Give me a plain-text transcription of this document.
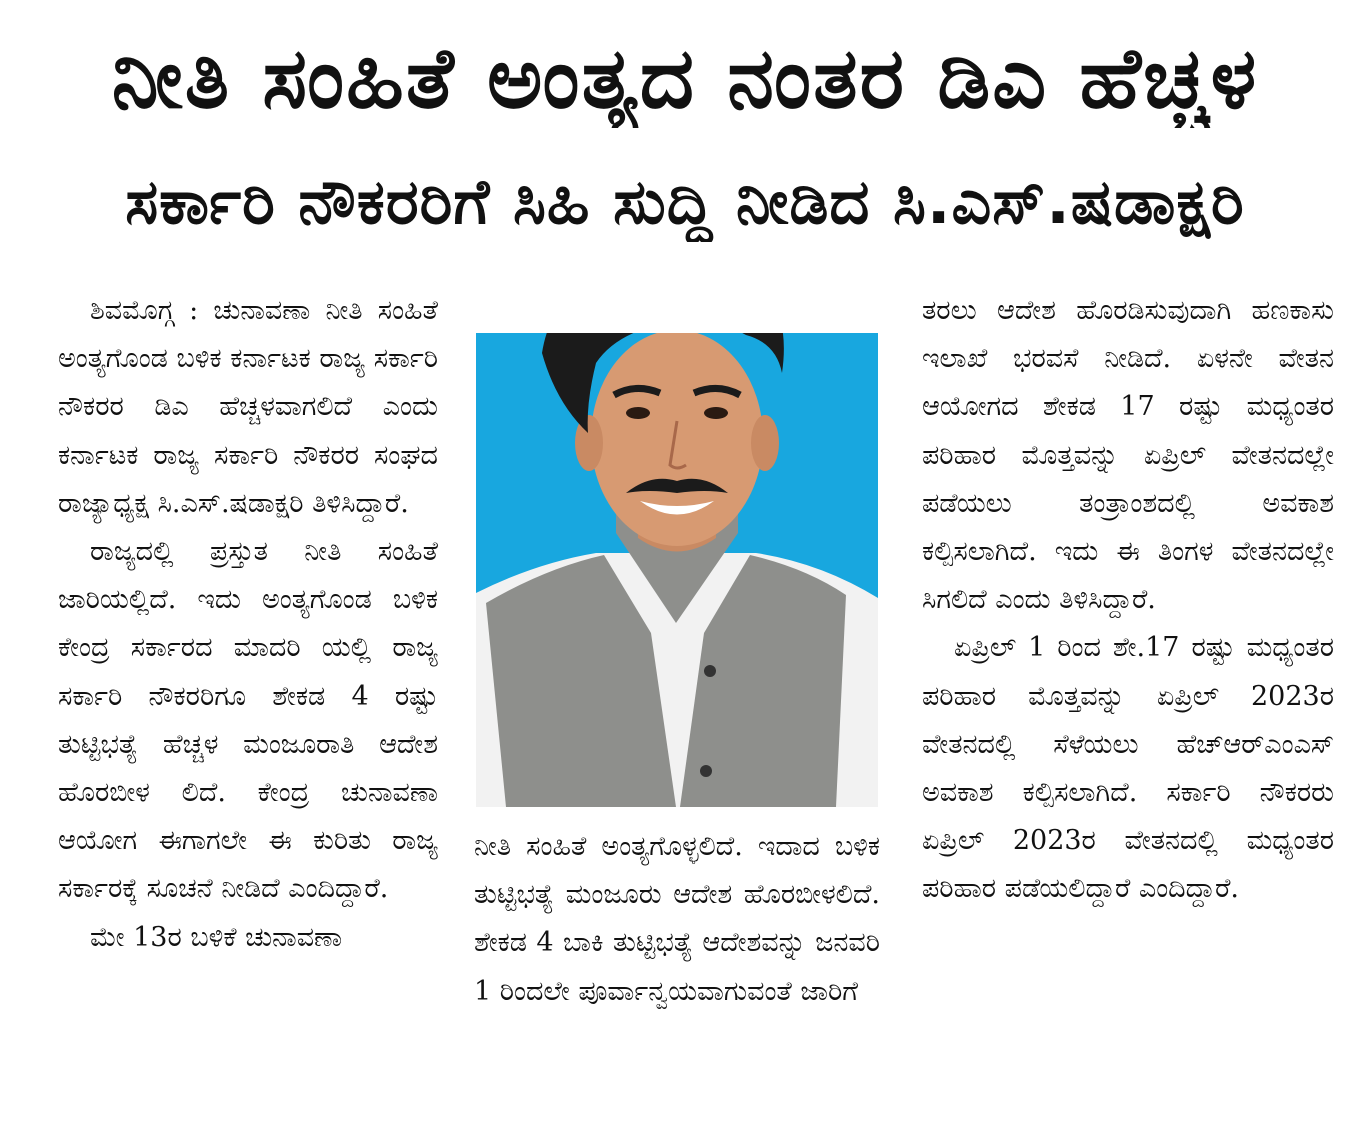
ನೀತಿ ಸಂಹಿತೆ ಅಂತ್ಯದ ನಂತರ ಡಿಎ ಹೆಚ್ಚಳ
ಸರ್ಕಾರಿ ನೌಕರರಿಗೆ ಸಿಹಿ ಸುದ್ದಿ ನೀಡಿದ ಸಿ.ಎಸ್.ಷಡಾಕ್ಷರಿ

ಶಿವಮೊಗ್ಗ : ಚುನಾವಣಾ ನೀತಿ ಸಂಹಿತೆ ಅಂತ್ಯಗೊಂಡ ಬಳಿಕ ಕರ್ನಾಟಕ ರಾಜ್ಯ ಸರ್ಕಾರಿ ನೌಕರರ ಡಿಎ ಹೆಚ್ಚಳವಾಗಲಿದೆ ಎಂದು ಕರ್ನಾಟಕ ರಾಜ್ಯ ಸರ್ಕಾರಿ ನೌಕರರ ಸಂಘದ ರಾಜ್ಯಾಧ್ಯಕ್ಷ ಸಿ.ಎಸ್.ಷಡಾಕ್ಷರಿ ತಿಳಿಸಿದ್ದಾರೆ.

ರಾಜ್ಯದಲ್ಲಿ ಪ್ರಸ್ತುತ ನೀತಿ ಸಂಹಿತೆ ಜಾರಿಯಲ್ಲಿದೆ. ಇದು ಅಂತ್ಯಗೊಂಡ ಬಳಿಕ ಕೇಂದ್ರ ಸರ್ಕಾರದ ಮಾದರಿ ಯಲ್ಲಿ ರಾಜ್ಯ ಸರ್ಕಾರಿ ನೌಕರರಿಗೂ ಶೇಕಡ 4 ರಷ್ಟು ತುಟ್ಟಿಭತ್ಯೆ ಹೆಚ್ಚಳ ಮಂಜೂರಾತಿ ಆದೇಶ ಹೊರಬೀಳ ಲಿದೆ. ಕೇಂದ್ರ ಚುನಾವಣಾ ಆಯೋಗ ಈಗಾಗಲೇ ಈ ಕುರಿತು ರಾಜ್ಯ ಸರ್ಕಾರಕ್ಕೆ ಸೂಚನೆ ನೀಡಿದೆ ಎಂದಿದ್ದಾರೆ.

ಮೇ 13ರ ಬಳಿಕೆ ಚುನಾವಣಾ

ನೀತಿ ಸಂಹಿತೆ ಅಂತ್ಯಗೊಳ್ಳಲಿದೆ. ಇದಾದ ಬಳಿಕ ತುಟ್ಟಿಭತ್ಯೆ ಮಂಜೂರು ಆದೇಶ ಹೊರಬೀಳಲಿದೆ. ಶೇಕಡ 4 ಬಾಕಿ ತುಟ್ಟಿಭತ್ಯೆ ಆದೇಶವನ್ನು ಜನವರಿ 1 ರಿಂದಲೇ ಪೂರ್ವಾನ್ವಯವಾಗುವಂತೆ ಜಾರಿಗೆ

ತರಲು ಆದೇಶ ಹೊರಡಿಸುವುದಾಗಿ ಹಣಕಾಸು ಇಲಾಖೆ ಭರವಸೆ ನೀಡಿದೆ. ಏಳನೇ ವೇತನ ಆಯೋಗದ ಶೇಕಡ 17 ರಷ್ಟು ಮಧ್ಯಂತರ ಪರಿಹಾರ ಮೊತ್ತವನ್ನು ಏಪ್ರಿಲ್ ವೇತನದಲ್ಲೇ ಪಡೆಯಲು ತಂತ್ರಾಂಶದಲ್ಲಿ ಅವಕಾಶ ಕಲ್ಪಿಸಲಾಗಿದೆ. ಇದು ಈ ತಿಂಗಳ ವೇತನದಲ್ಲೇ ಸಿಗಲಿದೆ ಎಂದು ತಿಳಿಸಿದ್ದಾರೆ.

ಏಪ್ರಿಲ್ 1 ರಿಂದ ಶೇ.17 ರಷ್ಟು ಮಧ್ಯಂತರ ಪರಿಹಾರ ಮೊತ್ತವನ್ನು ಏಪ್ರಿಲ್ 2023ರ ವೇತನದಲ್ಲಿ ಸೆಳೆಯಲು ಹೆಚ್‌ಆರ್‌ಎಂಎಸ್ ಅವಕಾಶ ಕಲ್ಪಿಸಲಾಗಿದೆ. ಸರ್ಕಾರಿ ನೌಕರರು ಏಪ್ರಿಲ್ 2023ರ ವೇತನದಲ್ಲಿ ಮಧ್ಯಂತರ ಪರಿಹಾರ ಪಡೆಯಲಿದ್ದಾರೆ ಎಂದಿದ್ದಾರೆ.
